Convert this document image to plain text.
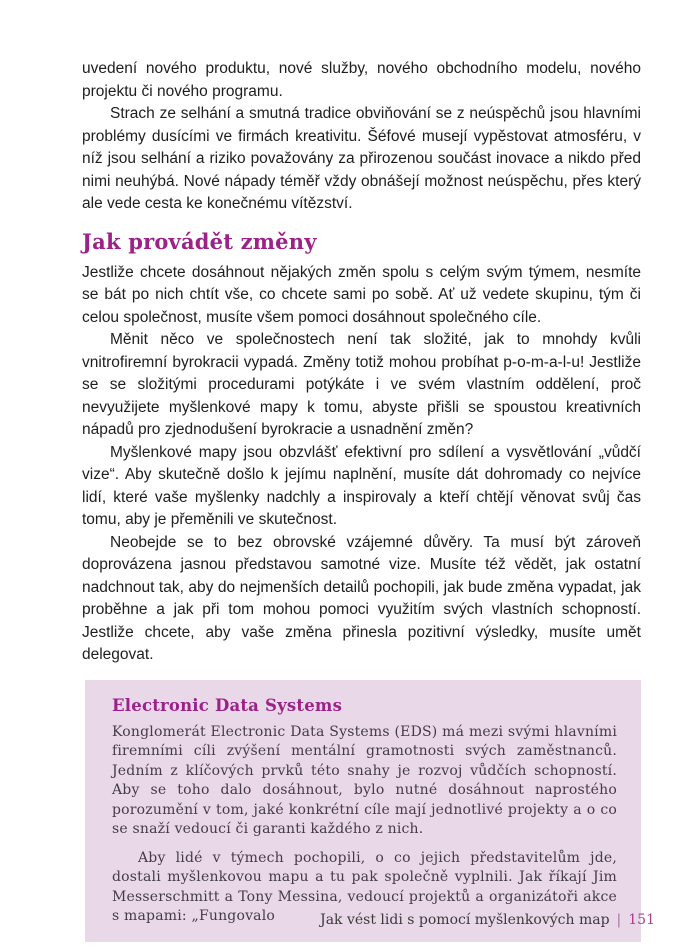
uvedení nového produktu, nové služby, nového obchodního modelu, nového projektu či nového programu.

Strach ze selhání a smutná tradice obviňování se z neúspěchů jsou hlavními problémy dusícími ve firmách kreativitu. Šéfové musejí vypěstovat atmosféru, v níž jsou selhání a riziko považovány za přirozenou součást inovace a nikdo před nimi neuhýbá. Nové nápady téměř vždy obnášejí možnost neúspěchu, přes který ale vede cesta ke konečnému vítězství.

Jak provádět změny

Jestliže chcete dosáhnout nějakých změn spolu s celým svým týmem, nesmíte se bát po nich chtít vše, co chcete sami po sobě. Ať už vedete skupinu, tým či celou společnost, musíte všem pomoci dosáhnout společného cíle.

Měnit něco ve společnostech není tak složité, jak to mnohdy kvůli vnitrofiremní byrokracii vypadá. Změny totiž mohou probíhat p-o-m-a-l-u! Jestliže se se složitými procedurami potýkáte i ve svém vlastním oddělení, proč nevyužijete myšlenkové mapy k tomu, abyste přišli se spoustou kreativních nápadů pro zjednodušení byrokracie a usnadnění změn?

Myšlenkové mapy jsou obzvlášť efektivní pro sdílení a vysvětlování „vůdčí vize“. Aby skutečně došlo k jejímu naplnění, musíte dát dohromady co nejvíce lidí, které vaše myšlenky nadchly a inspirovaly a kteří chtějí věnovat svůj čas tomu, aby je přeměnili ve skutečnost.

Neobejde se to bez obrovské vzájemné důvěry. Ta musí být zároveň doprovázena jasnou představou samotné vize. Musíte též vědět, jak ostatní nadchnout tak, aby do nejmenších detailů pochopili, jak bude změna vypadat, jak proběhne a jak při tom mohou pomoci využitím svých vlastních schopností. Jestliže chcete, aby vaše změna přinesla pozitivní výsledky, musíte umět delegovat.

Electronic Data Systems

Konglomerát Electronic Data Systems (EDS) má mezi svými hlavními firemními cíli zvýšení mentální gramotnosti svých zaměstnanců. Jedním z klíčových prvků této snahy je rozvoj vůdčích schopností. Aby se toho dalo dosáhnout, bylo nutné dosáhnout naprostého porozumění v tom, jaké konkrétní cíle mají jednotlivé projekty a o co se snaží vedoucí či garanti každého z nich.

Aby lidé v týmech pochopili, o co jejich představitelům jde, dostali myšlenkovou mapu a tu pak společně vyplnili. Jak říkají Jim Messerschmitt a Tony Messina, vedoucí projektů a organizátoři akce s mapami: „Fungovalo	Jak vést lidi s pomocí myšlenkových map | 151
